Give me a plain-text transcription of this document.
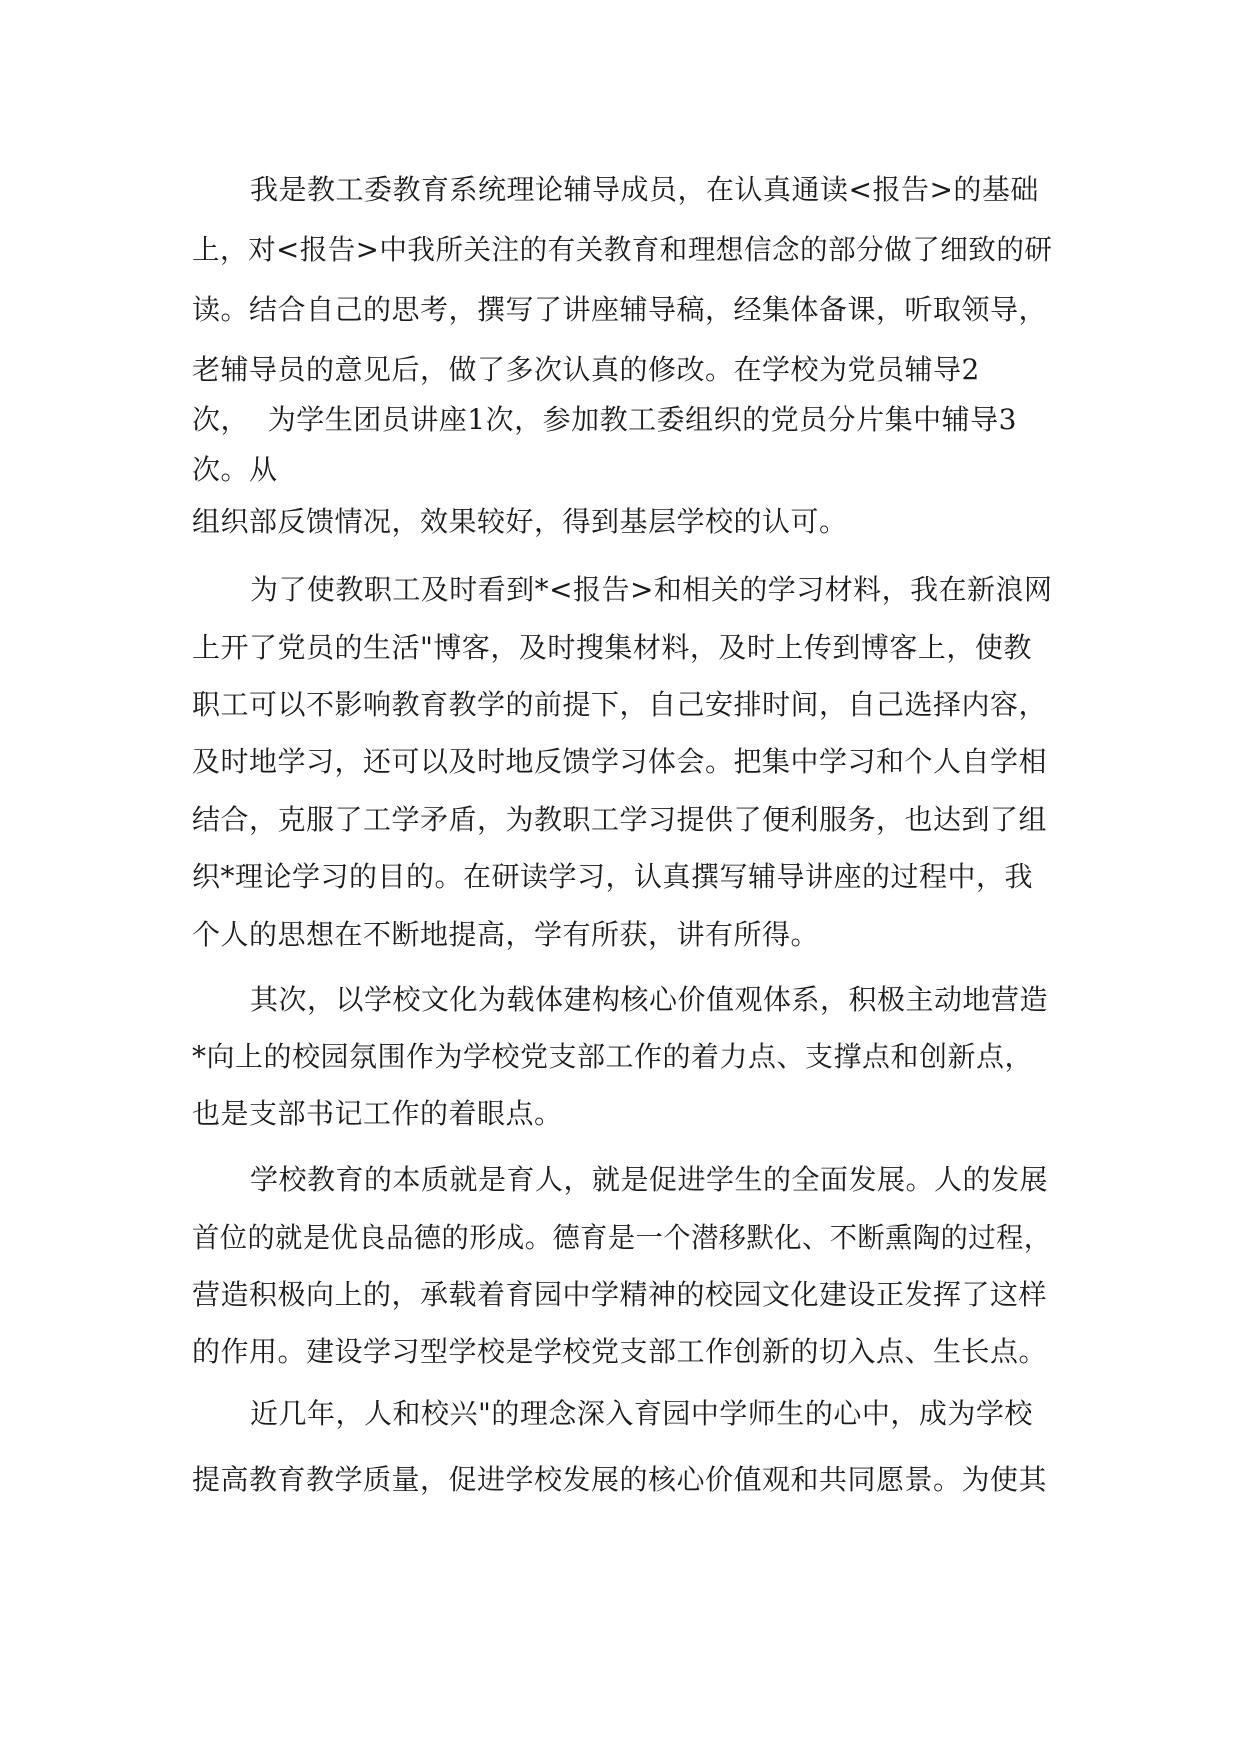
我是教工委教育系统理论辅导成员，在认真通读<报告>的基础
上，对<报告>中我所关注的有关教育和理想信念的部分做了细致的研
读。结合自己的思考，撰写了讲座辅导稿，经集体备课，听取领导，
老辅导员的意见后，做了多次认真的修改。在学校为党员辅导2
次，  为学生团员讲座1次，参加教工委组织的党员分片集中辅导3
次。从
组织部反馈情况，效果较好，得到基层学校的认可。
为了使教职工及时看到*<报告>和相关的学习材料，我在新浪网
上开了党员的生活"博客，及时搜集材料，及时上传到博客上，使教
职工可以不影响教育教学的前提下，自己安排时间，自己选择内容，
及时地学习，还可以及时地反馈学习体会。把集中学习和个人自学相
结合，克服了工学矛盾，为教职工学习提供了便利服务，也达到了组
织*理论学习的目的。在研读学习，认真撰写辅导讲座的过程中，我
个人的思想在不断地提高，学有所获，讲有所得。
其次，以学校文化为载体建构核心价值观体系，积极主动地营造
*向上的校园氛围作为学校党支部工作的着力点、支撑点和创新点，
也是支部书记工作的着眼点。
学校教育的本质就是育人，就是促进学生的全面发展。人的发展
首位的就是优良品德的形成。德育是一个潜移默化、不断熏陶的过程，
营造积极向上的，承载着育园中学精神的校园文化建设正发挥了这样
的作用。建设学习型学校是学校党支部工作创新的切入点、生长点。
近几年，人和校兴"的理念深入育园中学师生的心中，成为学校
提高教育教学质量，促进学校发展的核心价值观和共同愿景。为使其
